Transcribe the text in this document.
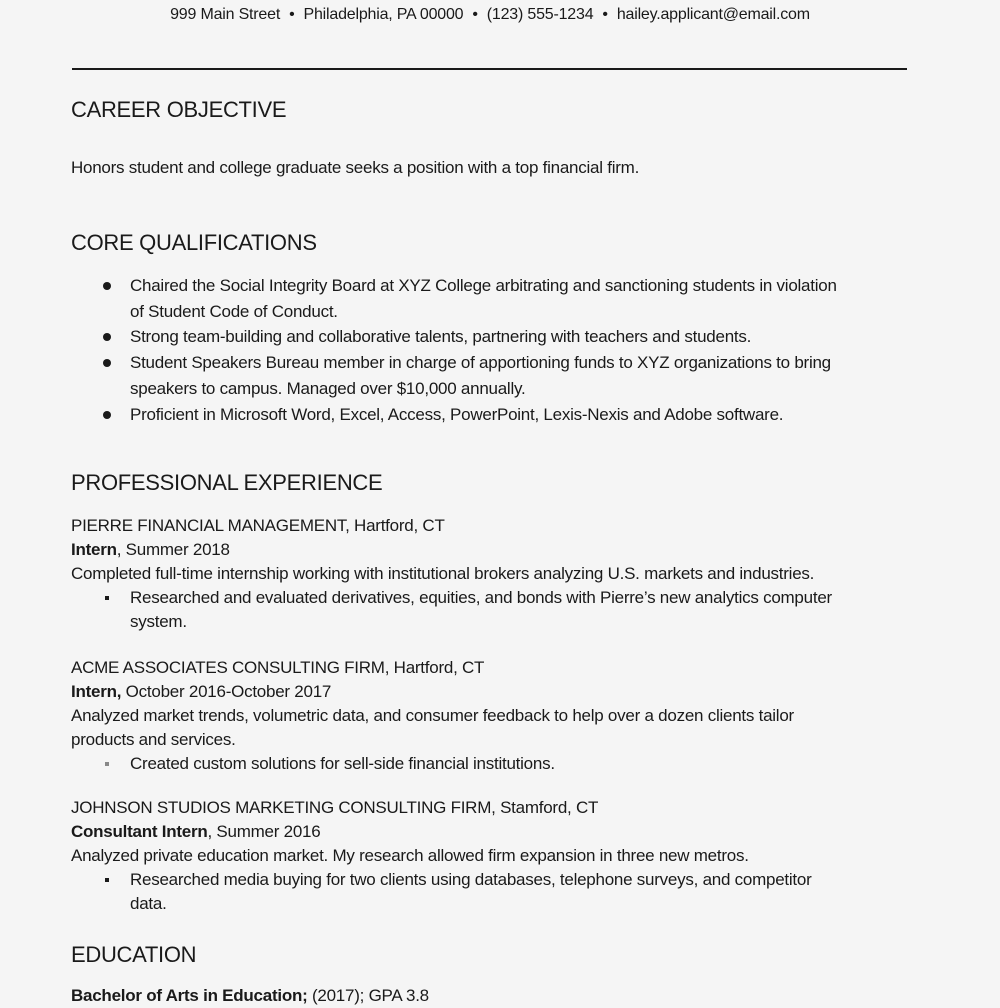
999 Main Street • Philadelphia, PA 00000 • (123) 555-1234 • hailey.applicant@email.com
CAREER OBJECTIVE
Honors student and college graduate seeks a position with a top financial firm.
CORE QUALIFICATIONS
Chaired the Social Integrity Board at XYZ College arbitrating and sanctioning students in violation
of Student Code of Conduct.
Strong team-building and collaborative talents, partnering with teachers and students.
Student Speakers Bureau member in charge of apportioning funds to XYZ organizations to bring
speakers to campus. Managed over $10,000 annually.
Proficient in Microsoft Word, Excel, Access, PowerPoint, Lexis-Nexis and Adobe software.
PROFESSIONAL EXPERIENCE
PIERRE FINANCIAL MANAGEMENT, Hartford, CT
Intern, Summer 2018
Completed full-time internship working with institutional brokers analyzing U.S. markets and industries.
Researched and evaluated derivatives, equities, and bonds with Pierre’s new analytics computer
system.
ACME ASSOCIATES CONSULTING FIRM, Hartford, CT
Intern, October 2016-October 2017
Analyzed market trends, volumetric data, and consumer feedback to help over a dozen clients tailor
products and services.
Created custom solutions for sell-side financial institutions.
JOHNSON STUDIOS MARKETING CONSULTING FIRM, Stamford, CT
Consultant Intern, Summer 2016
Analyzed private education market. My research allowed firm expansion in three new metros.
Researched media buying for two clients using databases, telephone surveys, and competitor
data.
EDUCATION
Bachelor of Arts in Education; (2017); GPA 3.8
